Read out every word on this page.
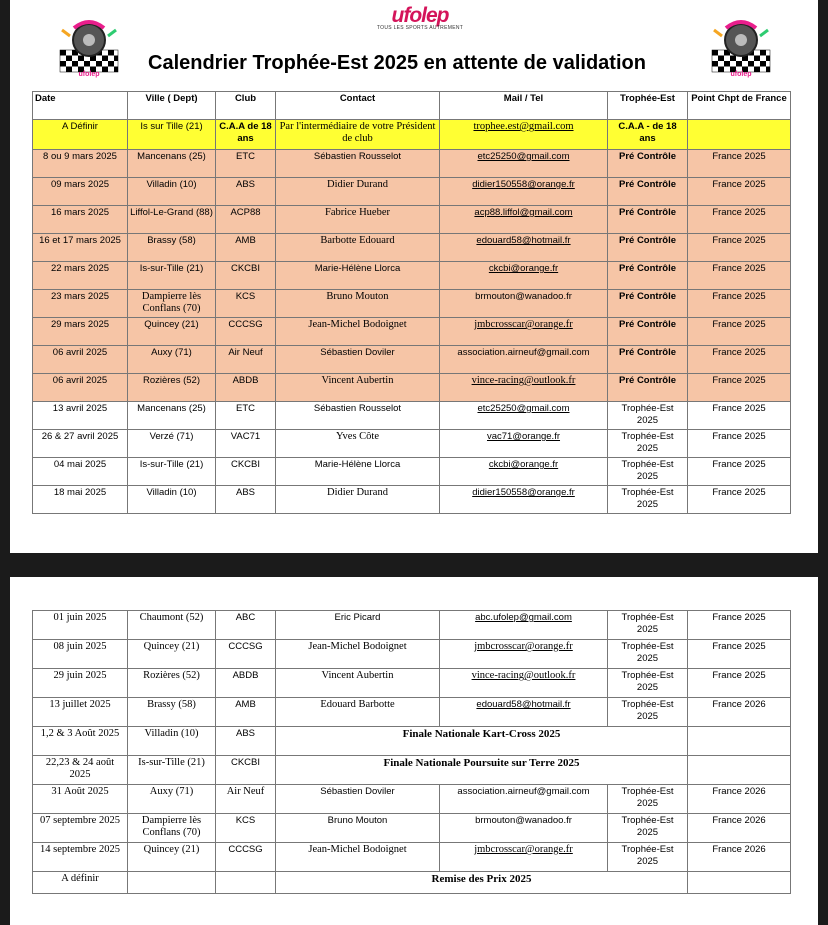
ufolep
TOUS LES SPORTS AUTREMENT
ufolep	ufolep
Calendrier Trophée-Est 2025 en attente de validation
Date	Ville ( Dept)	Club	Contact	Mail / Tel	Trophée-Est	Point Chpt de France
A Définir	Is sur Tille (21)	C.A.A de 18 ans	Par l'intermédiaire de votre Président de club	trophee.est@gmail.com	C.A.A - de 18 ans	
8 ou 9 mars 2025	Mancenans (25)	ETC	Sébastien Rousselot	etc25250@gmail.com	Pré Contrôle	France 2025
09 mars 2025	Villadin (10)	ABS	Didier Durand	didier150558@orange.fr	Pré Contrôle	France 2025
16 mars 2025	Liffol-Le-Grand (88)	ACP88	Fabrice Hueber	acp88.liffol@gmail.com	Pré Contrôle	France 2025
16 et 17 mars 2025	Brassy (58)	AMB	Barbotte Edouard	edouard58@hotmail.fr	Pré Contrôle	France 2025
22 mars 2025	Is-sur-Tille (21)	CKCBI	Marie-Hélène Llorca	ckcbi@orange.fr	Pré Contrôle	France 2025
23 mars 2025	Dampierre lès Conflans (70)	KCS	Bruno Mouton	brmouton@wanadoo.fr	Pré Contrôle	France 2025
29 mars 2025	Quincey (21)	CCCSG	Jean-Michel Bodoignet	jmbcrosscar@orange.fr	Pré Contrôle	France 2025
06 avril 2025	Auxy (71)	Air Neuf	Sébastien Doviler	association.airneuf@gmail.com	Pré Contrôle	France 2025
06 avril 2025	Rozières (52)	ABDB	Vincent Aubertin	vince-racing@outlook.fr	Pré Contrôle	France 2025
13 avril 2025	Mancenans (25)	ETC	Sébastien Rousselot	etc25250@gmail.com	Trophée-Est 2025	France 2025
26 & 27 avril 2025	Verzé (71)	VAC71	Yves Côte	vac71@orange.fr	Trophée-Est 2025	France 2025
04 mai 2025	Is-sur-Tille (21)	CKCBI	Marie-Hélène Llorca	ckcbi@orange.fr	Trophée-Est 2025	France 2025
18 mai 2025	Villadin (10)	ABS	Didier Durand	didier150558@orange.fr	Trophée-Est 2025	France 2025
01 juin 2025	Chaumont (52)	ABC	Eric Picard	abc.ufolep@gmail.com	Trophée-Est 2025	France 2025
08 juin 2025	Quincey (21)	CCCSG	Jean-Michel Bodoignet	jmbcrosscar@orange.fr	Trophée-Est 2025	France 2025
29 juin 2025	Rozières (52)	ABDB	Vincent Aubertin	vince-racing@outlook.fr	Trophée-Est 2025	France 2025
13 juillet 2025	Brassy (58)	AMB	Edouard Barbotte	edouard58@hotmail.fr	Trophée-Est 2025	France 2026
1,2 & 3 Août 2025	Villadin (10)	ABS	Finale Nationale Kart-Cross 2025			
22,23 & 24 août 2025	Is-sur-Tille (21)	CKCBI	Finale Nationale Poursuite sur Terre 2025			
31 Août 2025	Auxy (71)	Air Neuf	Sébastien Doviler	association.airneuf@gmail.com	Trophée-Est 2025	France 2026
07 septembre 2025	Dampierre lès Conflans (70)	KCS	Bruno Mouton	brmouton@wanadoo.fr	Trophée-Est 2025	France 2026
14 septembre 2025	Quincey (21)	CCCSG	Jean-Michel Bodoignet	jmbcrosscar@orange.fr	Trophée-Est 2025	France 2026
A définir			Remise des Prix 2025			
